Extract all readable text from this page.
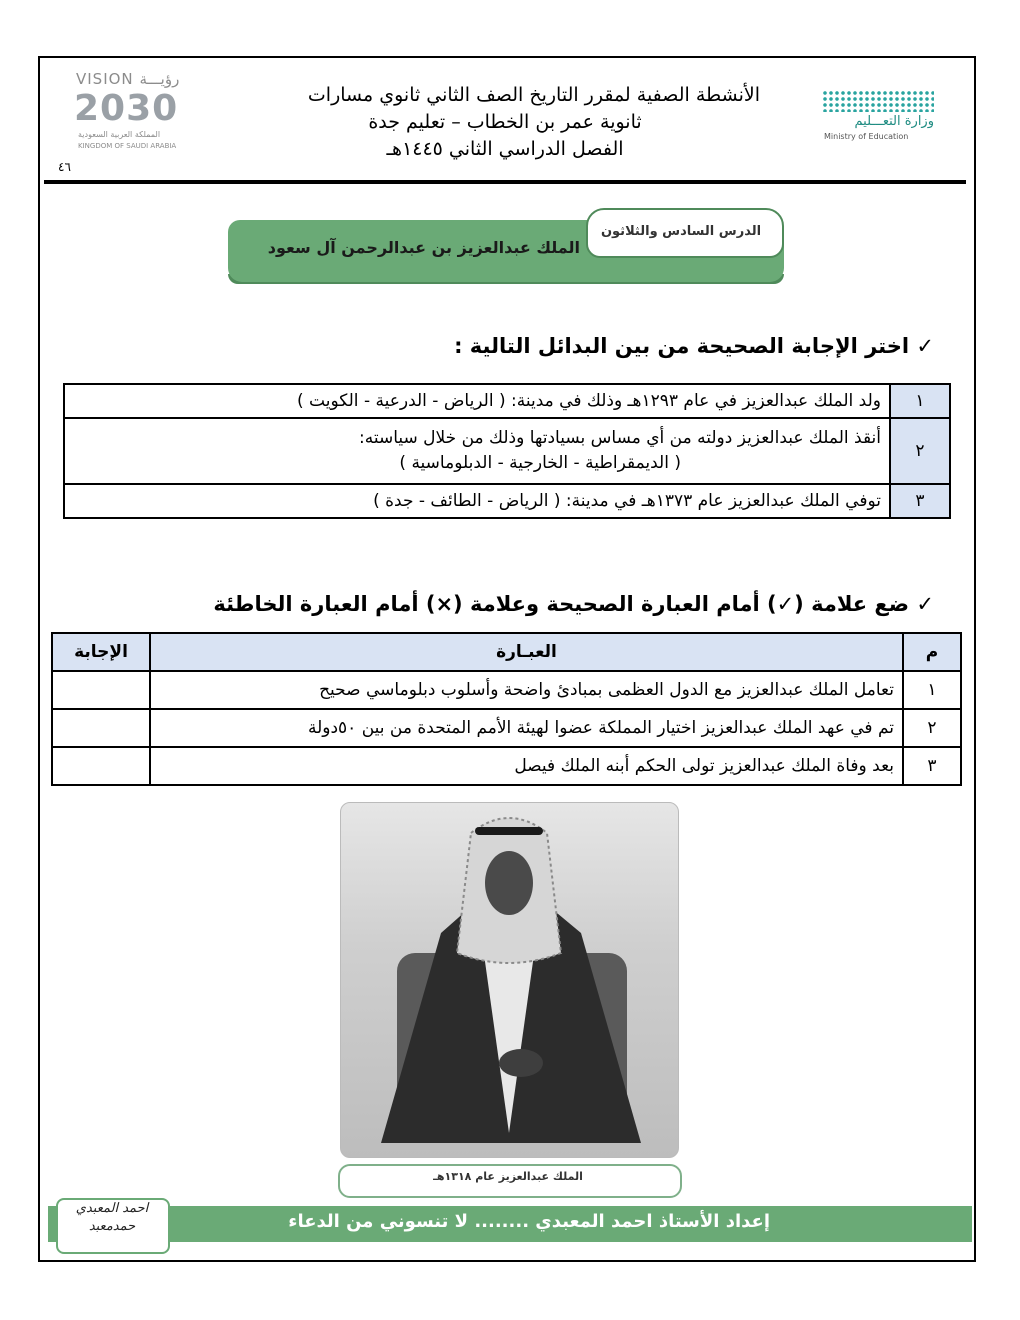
VISION رؤيـــة
2030
المملكة العربية السعودية
KINGDOM OF SAUDI ARABIA
الأنشطة الصفية لمقرر التاريخ الصف الثاني ثانوي مسارات
ثانوية عمر بن الخطاب – تعليم جدة
الفصل الدراسي الثاني ١٤٤٥هـ
وزارة التعـــليم
Ministry of Education
٤٦
الملك عبدالعزيز بن عبدالرحمن آل سعود
الدرس السادس والثلاثون
✓ اختر الإجابة الصحيحة من بين البدائل التالية :
١	ولد الملك عبدالعزيز في عام ١٢٩٣هـ وذلك في مدينة: ( الرياض - الدرعية - الكويت )
٢	أنقذ الملك عبدالعزيز دولته من أي مساس بسيادتها وذلك من خلال سياسته:
( الديمقراطية - الخارجية - الدبلوماسية )

٣	توفي الملك عبدالعزيز عام ١٣٧٣هـ في مدينة: ( الرياض - الطائف - جدة )
✓ ضع علامة (✓) أمام العبارة الصحيحة وعلامة (×) أمام العبارة الخاطئة
م	العبـارة	الإجابة
١	تعامل الملك عبدالعزيز مع الدول العظمى بمبادئ واضحة وأسلوب دبلوماسي صحيح	
٢	تم في عهد الملك عبدالعزيز اختيار المملكة عضوا لهيئة الأمم المتحدة من بين ٥٠دولة	
٣	بعد وفاة الملك عبدالعزيز تولى الحكم أبنه الملك فيصل	
الملك عبدالعزيز عام ١٣١٨هـ
إعداد الأستاذ احمد المعبدي ........ لا تنسوني من الدعاء
احمد المعبدي
حمدمعبد
